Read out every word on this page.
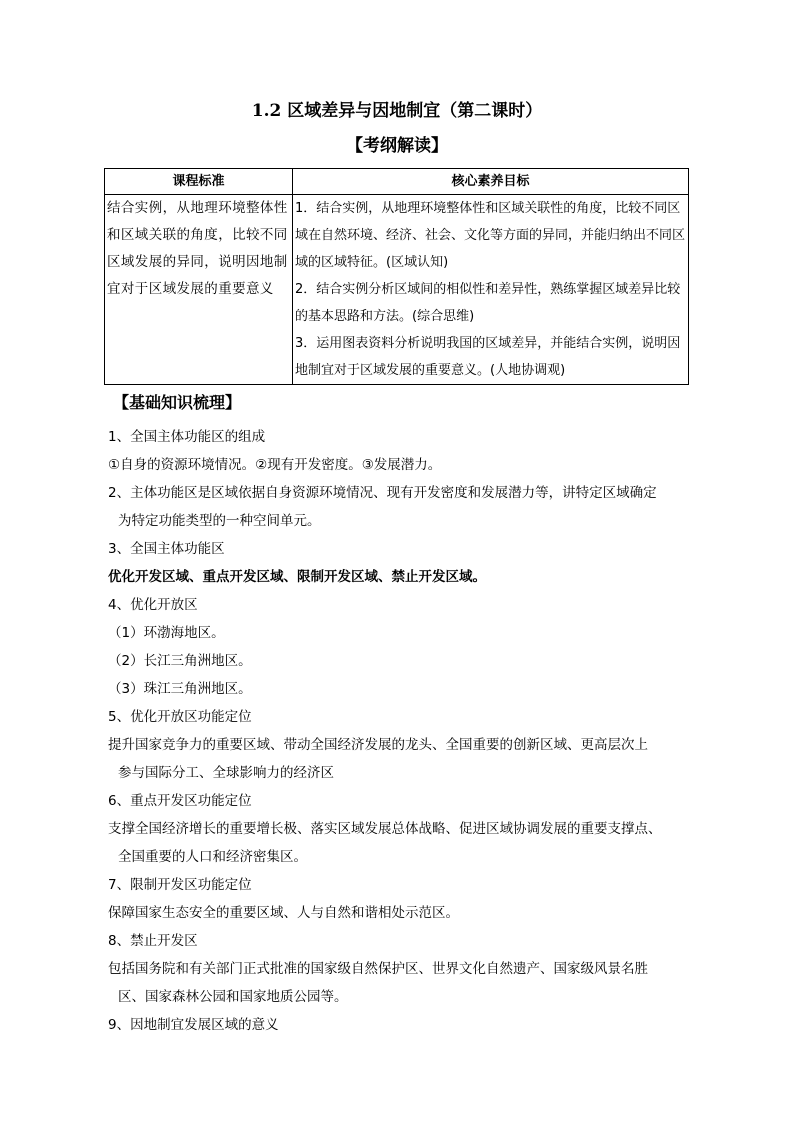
1.2 区域差异与因地制宜（第二课时）
【考纲解读】
课程标准	核心素养目标
结合实例，从地理环境整体性和区域关联的角度，比较不同区域发展的异同，说明因地制宜对于区域发展的重要意义	1．结合实例，从地理环境整体性和区域关联性的角度，比较不同区域在自然环境、经济、社会、文化等方面的异同，并能归纳出不同区域的区域特征。(区域认知)

2．结合实例分析区域间的相似性和差异性，熟练掌握区域差异比较的基本思路和方法。(综合思维)

3．运用图表资料分析说明我国的区域差异，并能结合实例，说明因地制宜对于区域发展的重要意义。(人地协调观)

【基础知识梳理】
1、全国主体功能区的组成
①自身的资源环境情况。②现有开发密度。③发展潜力。
2、主体功能区是区域依据自身资源环境情况、现有开发密度和发展潜力等，讲特定区域确定
为特定功能类型的一种空间单元。
3、全国主体功能区
优化开发区域、重点开发区域、限制开发区域、禁止开发区域。
4、优化开放区
（1）环渤海地区。
（2）长江三角洲地区。
（3）珠江三角洲地区。
5、优化开放区功能定位
提升国家竞争力的重要区域、带动全国经济发展的龙头、全国重要的创新区域、更高层次上
参与国际分工、全球影响力的经济区
6、重点开发区功能定位
支撑全国经济增长的重要增长极、落实区域发展总体战略、促进区域协调发展的重要支撑点、
全国重要的人口和经济密集区。
7、限制开发区功能定位
保障国家生态安全的重要区域、人与自然和谐相处示范区。
8、禁止开发区
包括国务院和有关部门正式批准的国家级自然保护区、世界文化自然遗产、国家级风景名胜
区、国家森林公园和国家地质公园等。
9、因地制宜发展区域的意义
